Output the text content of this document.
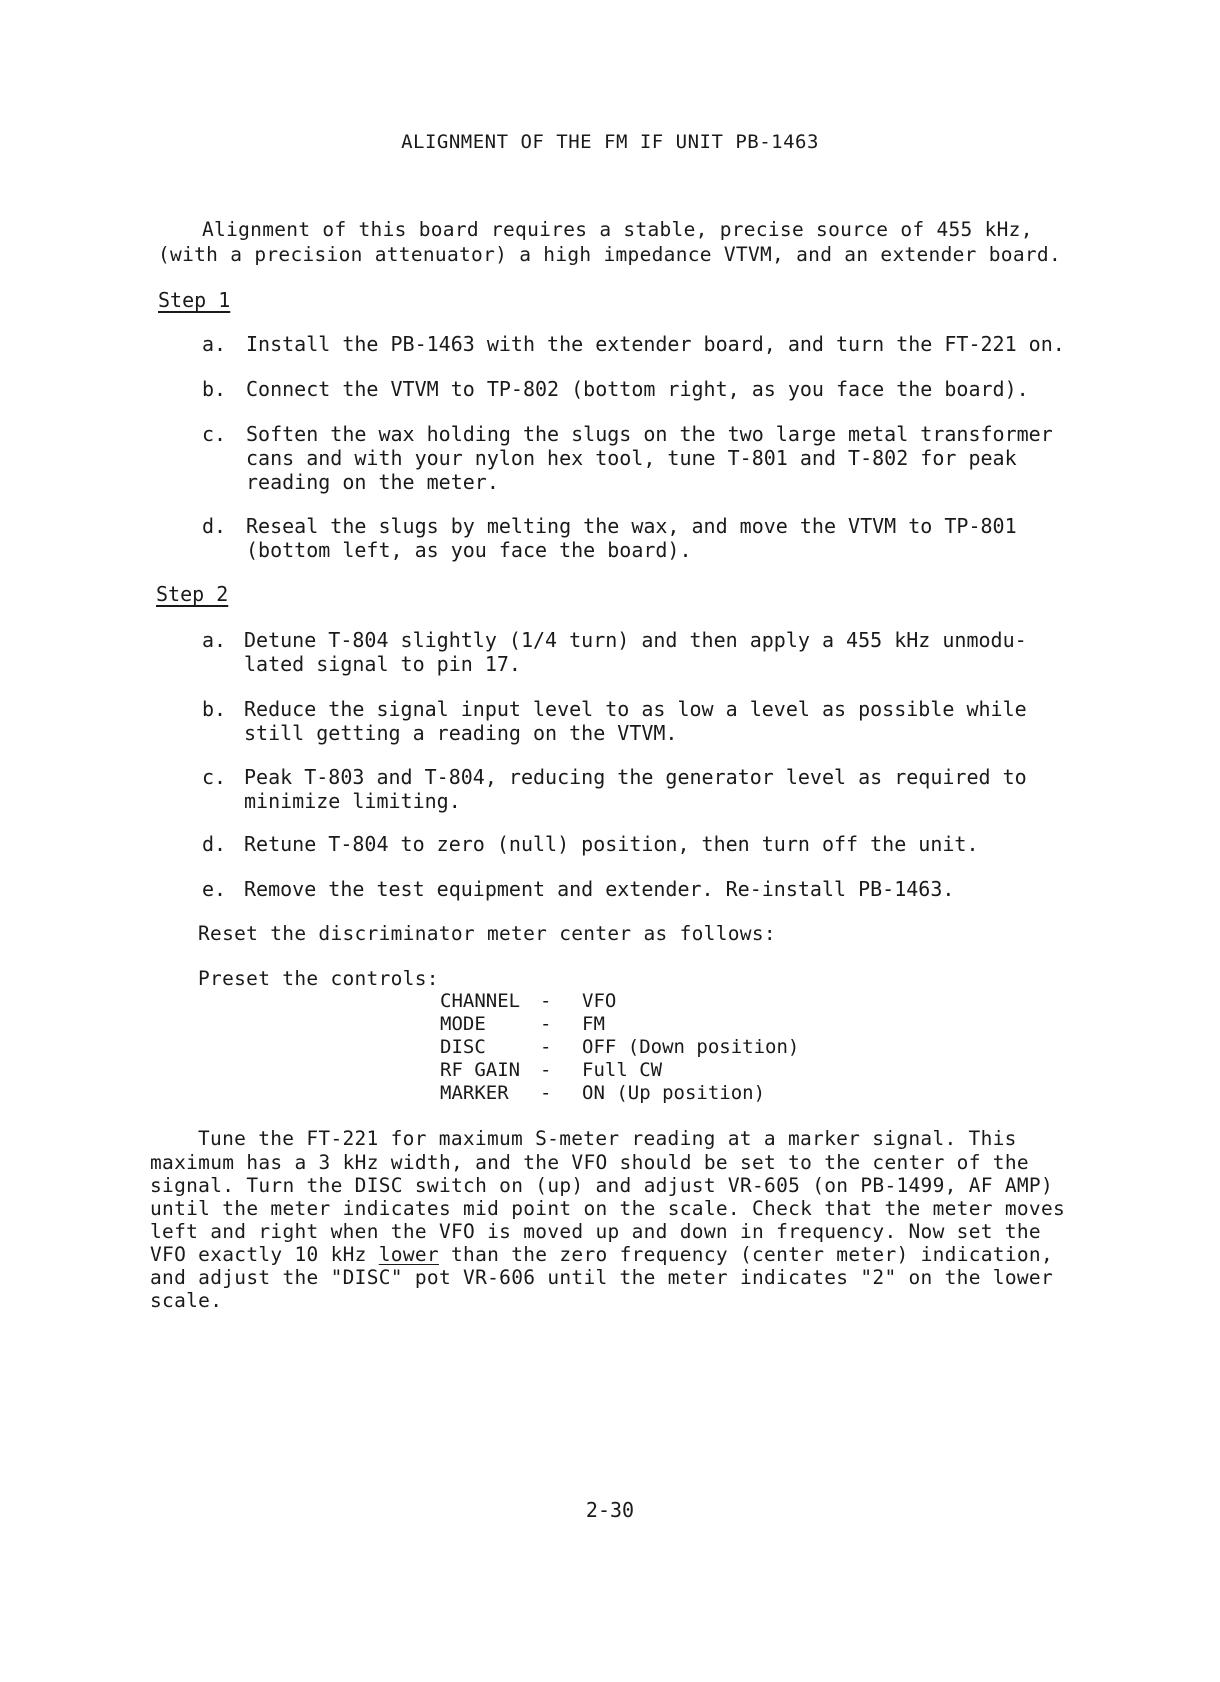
ALIGNMENT OF THE FM IF UNIT PB-1463
Alignment of this board requires a stable, precise source of 455 kHz,
(with a precision attenuator) a high impedance VTVM, and an extender board.
Step 1
a. Install the PB-1463 with the extender board, and turn the FT-221 on.
b. Connect the VTVM to TP-802 (bottom right, as you face the board).
c. Soften the wax holding the slugs on the two large metal transformer
cans and with your nylon hex tool, tune T-801 and T-802 for peak
reading on the meter.
d. Reseal the slugs by melting the wax, and move the VTVM to TP-801
(bottom left, as you face the board).
Step 2
a. Detune T-804 slightly (1/4 turn) and then apply a 455 kHz unmodu-
lated signal to pin 17.
b. Reduce the signal input level to as low a level as possible while
still getting a reading on the VTVM.
c. Peak T-803 and T-804, reducing the generator level as required to
minimize limiting.
d. Retune T-804 to zero (null) position, then turn off the unit.
e. Remove the test equipment and extender. Re-install PB-1463.
Reset the discriminator meter center as follows:
Preset the controls:
CHANNEL - VFO
MODE	- FM
DISC	- OFF (Down position)
RF GAIN - Full CW
MARKER - ON (Up position)
Tune the FT-221 for maximum S-meter reading at a marker signal. This
maximum has a 3 kHz width, and the VFO should be set to the center of the
signal. Turn the DISC switch on (up) and adjust VR-605 (on PB-1499, AF AMP)
until the meter indicates mid point on the scale. Check that the meter moves
left and right when the VFO is moved up and down in frequency. Now set the
VFO exactly 10 kHz lower than the zero frequency (center meter) indication,
and adjust the "DISC" pot VR-606 until the meter indicates "2" on the lower
scale.
2-30
